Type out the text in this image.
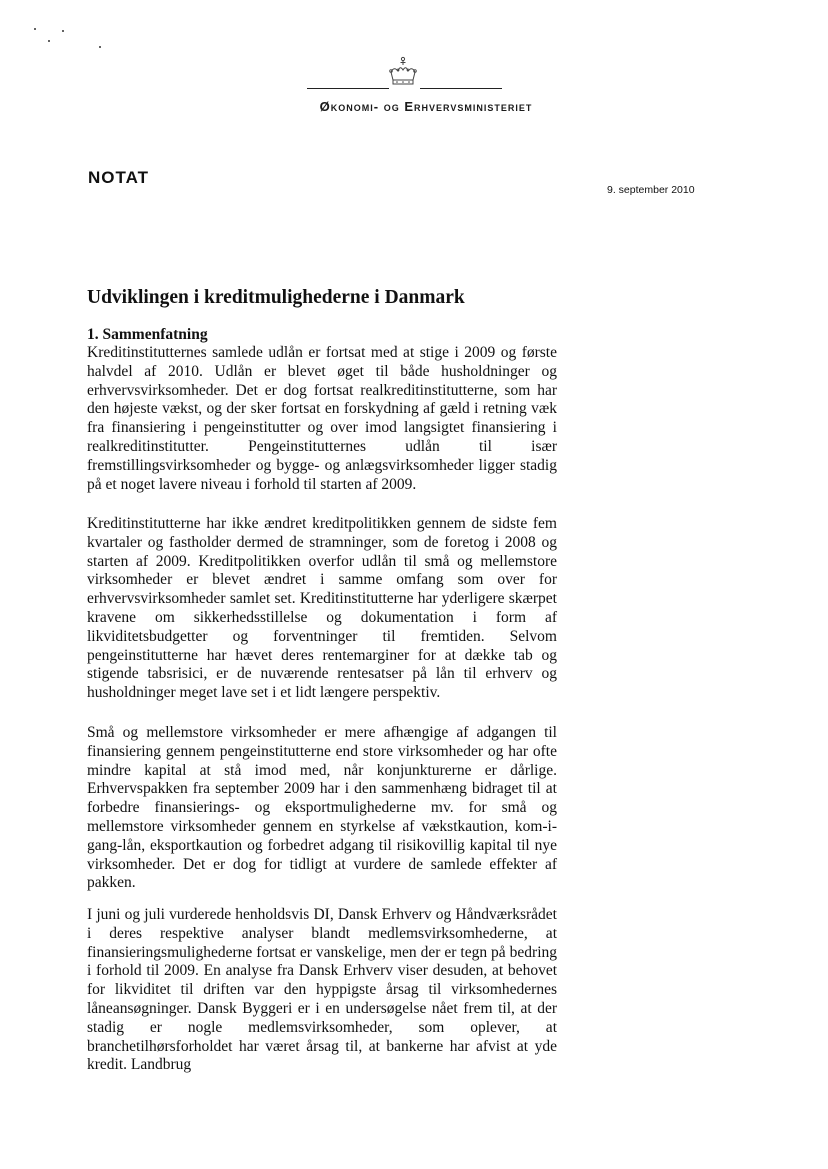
Økonomi- og Erhvervsministeriet
NOTAT
9. september 2010
Udviklingen i kreditmulighederne i Danmark
1. Sammenfatning

Kreditinstitutternes samlede udlån er fortsat med at stige i 2009 og første halvdel af 2010. Udlån er blevet øget til både husholdninger og erhvervsvirksomheder. Det er dog fortsat realkreditinstitutterne, som har den højeste vækst, og der sker fortsat en forskydning af gæld i retning væk fra finansiering i pengeinstitutter og over imod langsigtet finansiering i realkreditinstitutter. Pengeinstitutternes udlån til især fremstillingsvirksomheder og bygge- og anlægsvirksomheder ligger stadig på et noget lavere niveau i forhold til starten af 2009.

Kreditinstitutterne har ikke ændret kreditpolitikken gennem de sidste fem kvartaler og fastholder dermed de stramninger, som de foretog i 2008 og starten af 2009. Kreditpolitikken overfor udlån til små og mellemstore virksomheder er blevet ændret i samme omfang som over for erhvervsvirksomheder samlet set. Kreditinstitutterne har yderligere skærpet kravene om sikkerhedsstillelse og dokumentation i form af likviditetsbudgetter og forventninger til fremtiden. Selvom pengeinstitutterne har hævet deres rentemarginer for at dække tab og stigende tabsrisici, er de nuværende rentesatser på lån til erhverv og husholdninger meget lave set i et lidt længere perspektiv.

Små og mellemstore virksomheder er mere afhængige af adgangen til finansiering gennem pengeinstitutterne end store virksomheder og har ofte mindre kapital at stå imod med, når konjunkturerne er dårlige. Erhvervspakken fra september 2009 har i den sammenhæng bidraget til at forbedre finansierings- og eksportmulighederne mv. for små og mellemstore virksomheder gennem en styrkelse af vækstkaution, kom-i-gang-lån, eksportkaution og forbedret adgang til risikovillig kapital til nye virksomheder. Det er dog for tidligt at vurdere de samlede effekter af pakken.

I juni og juli vurderede henholdsvis DI, Dansk Erhverv og Håndværksrådet i deres respektive analyser blandt medlemsvirksomhederne, at finansieringsmulighederne fortsat er vanskelige, men der er tegn på bedring i forhold til 2009. En analyse fra Dansk Erhverv viser desuden, at behovet for likviditet til driften var den hyppigste årsag til virksomhedernes låneansøgninger. Dansk Byggeri er i en undersøgelse nået frem til, at der stadig er nogle medlemsvirksomheder, som oplever, at branchetilhørsforholdet har været årsag til, at bankerne har afvist at yde kredit. Landbrug
